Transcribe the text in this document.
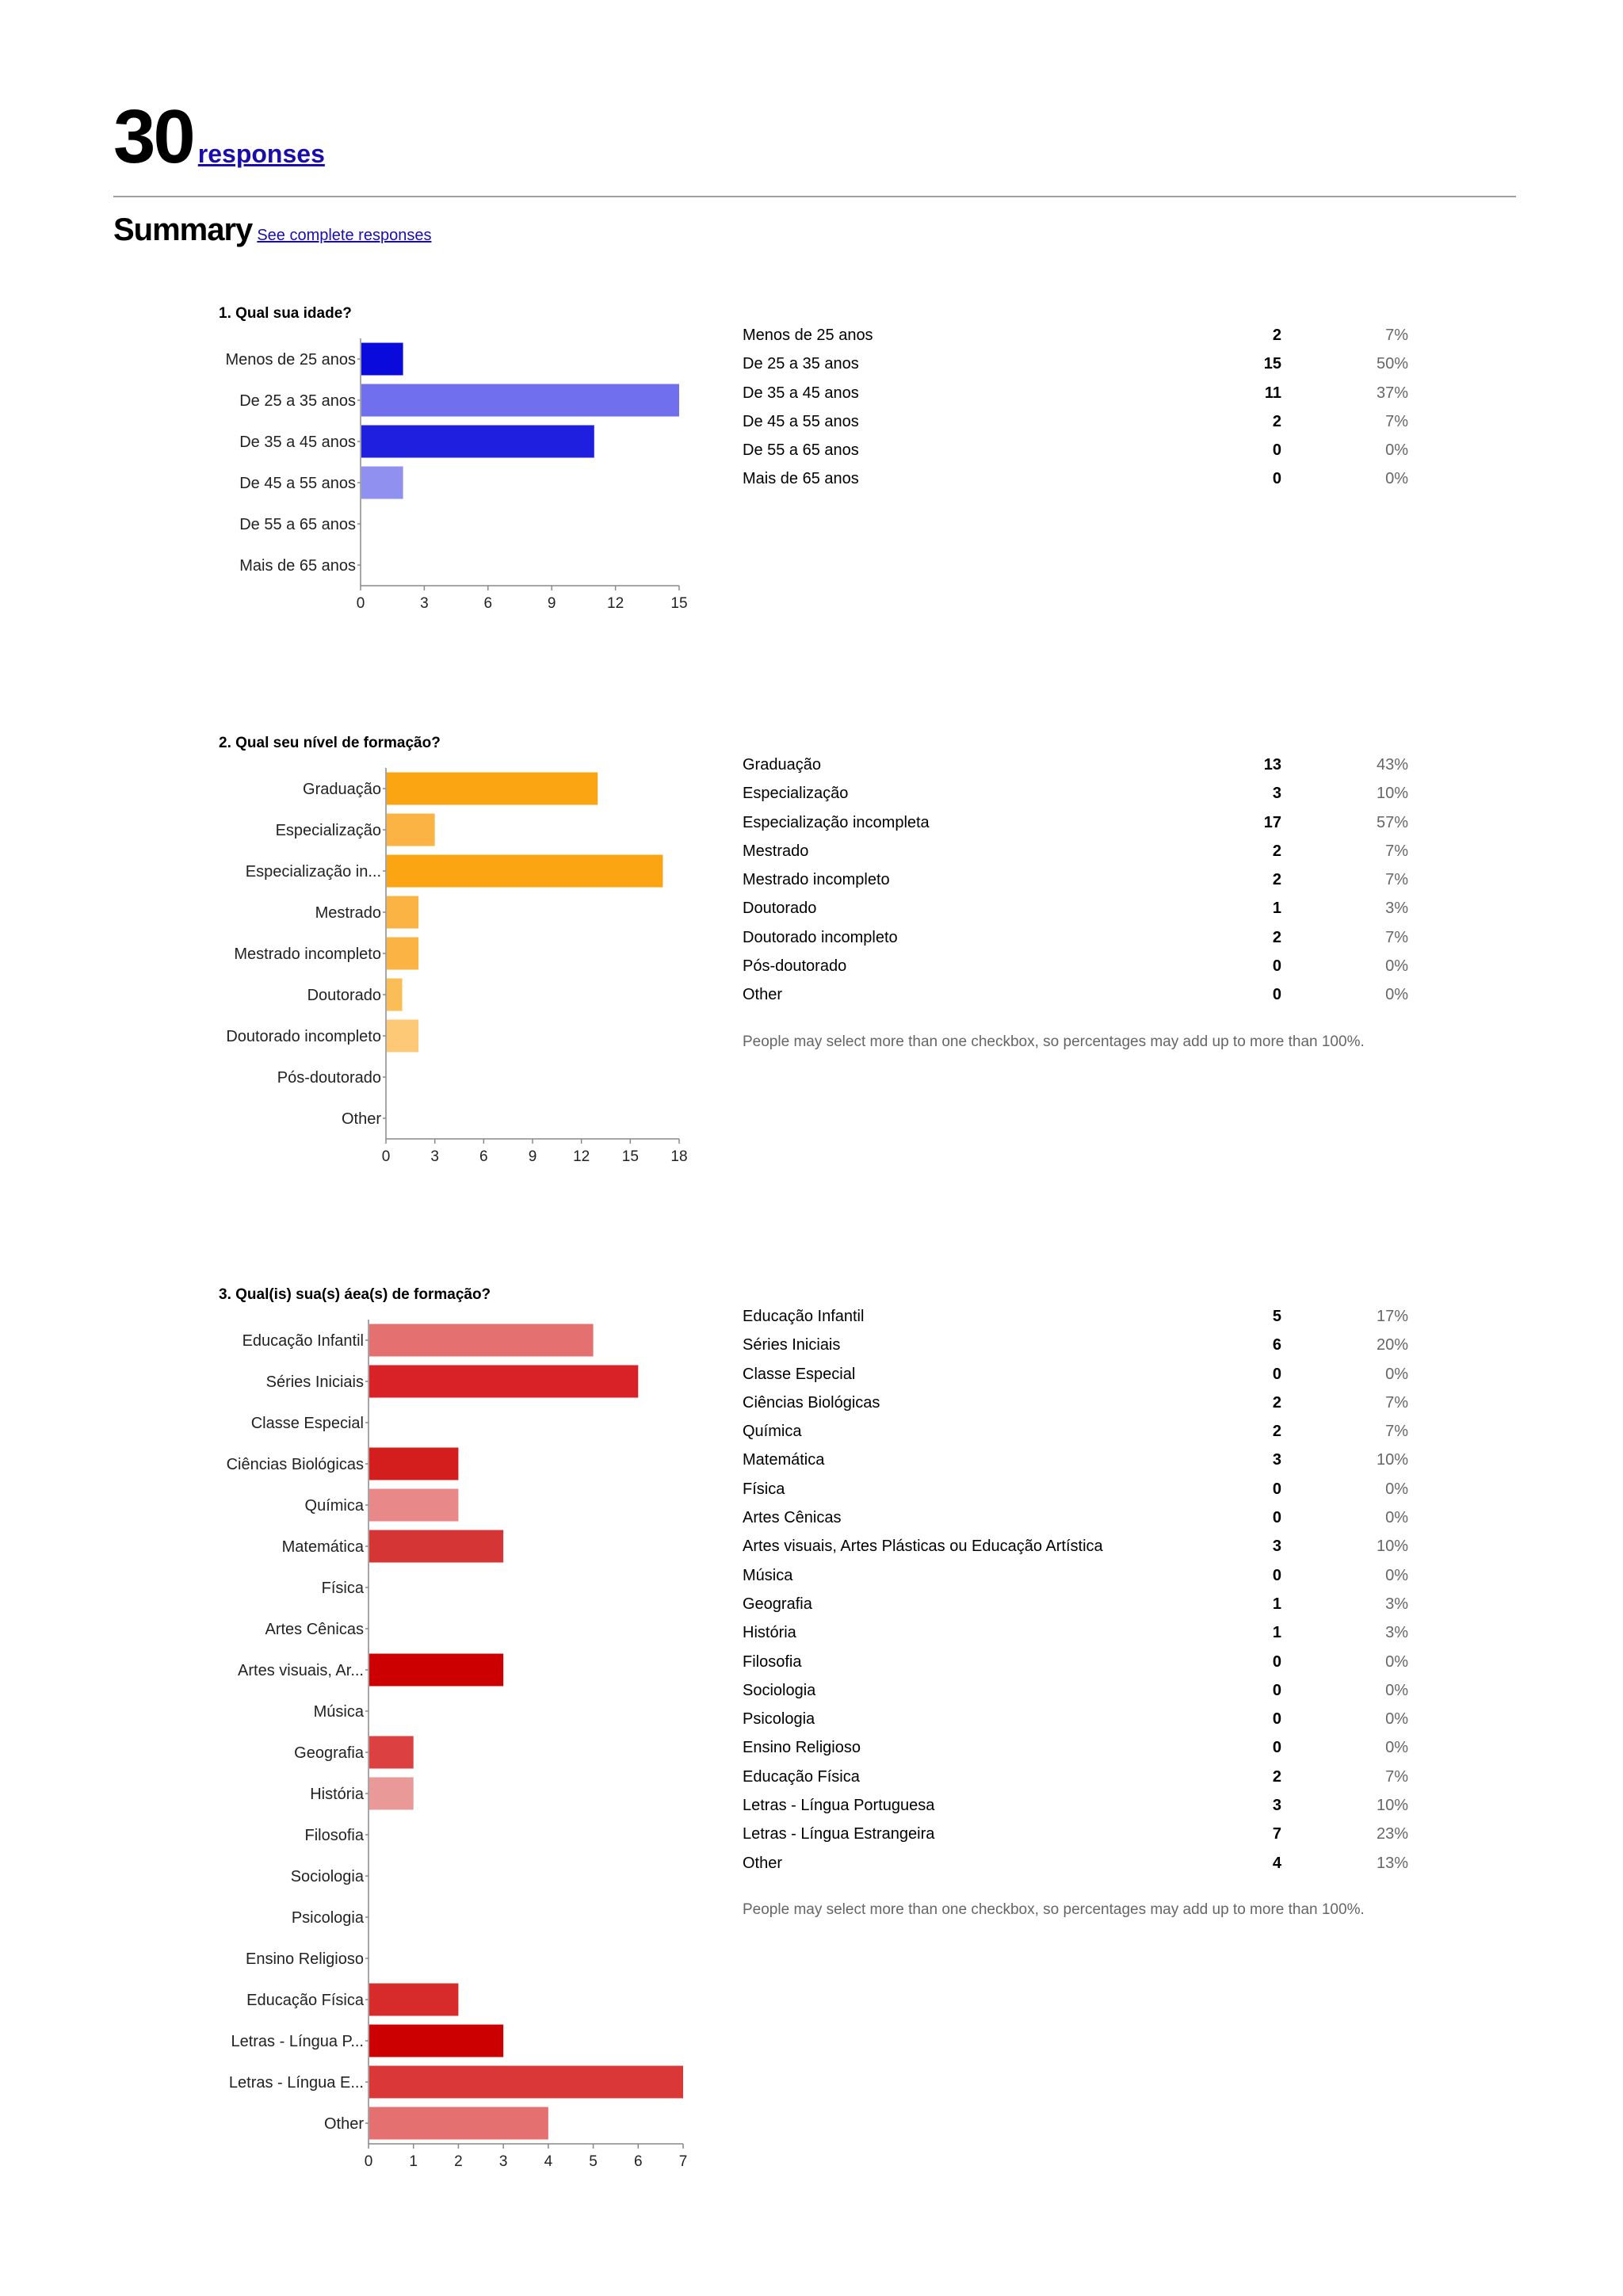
30 responses
Summary See complete responses
1. Qual sua idade?
0	3	6	9	12	15
Menos de 25 anos
De 25 a 35 anos
De 35 a 45 anos
De 45 a 55 anos
De 55 a 65 anos
Mais de 65 anos
Menos de 25 anos	2	7%
De 25 a 35 anos	15	50%
De 35 a 45 anos	11	37%
De 45 a 55 anos	2	7%
De 55 a 65 anos	0	0%
Mais de 65 anos	0	0%
2. Qual seu nível de formação?
0	3	6	9 12 15 18
Graduação
Especialização
Especialização in...
Mestrado
Mestrado incompleto
Doutorado
Doutorado incompleto
Pós-doutorado
Other
Graduação	13	43%
Especialização	3	10%
Especialização incompleta	17	57%
Mestrado	2	7%
Mestrado incompleto	2	7%
Doutorado	1	3%
Doutorado incompleto	2	7%
Pós-doutorado	0	0%
Other	0	0%
People may select more than one checkbox, so percentages may add up to more than 100%.
3. Qual(is) sua(s) áea(s) de formação?
0 1 2 3 4 5 6 7
Educação Infantil
Séries Iniciais
Classe Especial
Ciências Biológicas
Química
Matemática
Física
Artes Cênicas
Artes visuais, Ar...
Música
Geografia
História
Filosofia
Sociologia
Psicologia
Ensino Religioso
Educação Física
Letras - Língua P...
Letras - Língua E...
Other
Educação Infantil	5	17%
Séries Iniciais	6	20%
Classe Especial	0	0%
Ciências Biológicas	2	7%
Química	2	7%
Matemática	3	10%
Física	0	0%
Artes Cênicas	0	0%
Artes visuais, Artes Plásticas ou Educação Artística	3	10%
Música	0	0%
Geografia	1	3%
História	1	3%
Filosofia	0	0%
Sociologia	0	0%
Psicologia	0	0%
Ensino Religioso	0	0%
Educação Física	2	7%
Letras - Língua Portuguesa	3	10%
Letras - Língua Estrangeira	7	23%
Other	4	13%
People may select more than one checkbox, so percentages may add up to more than 100%.
